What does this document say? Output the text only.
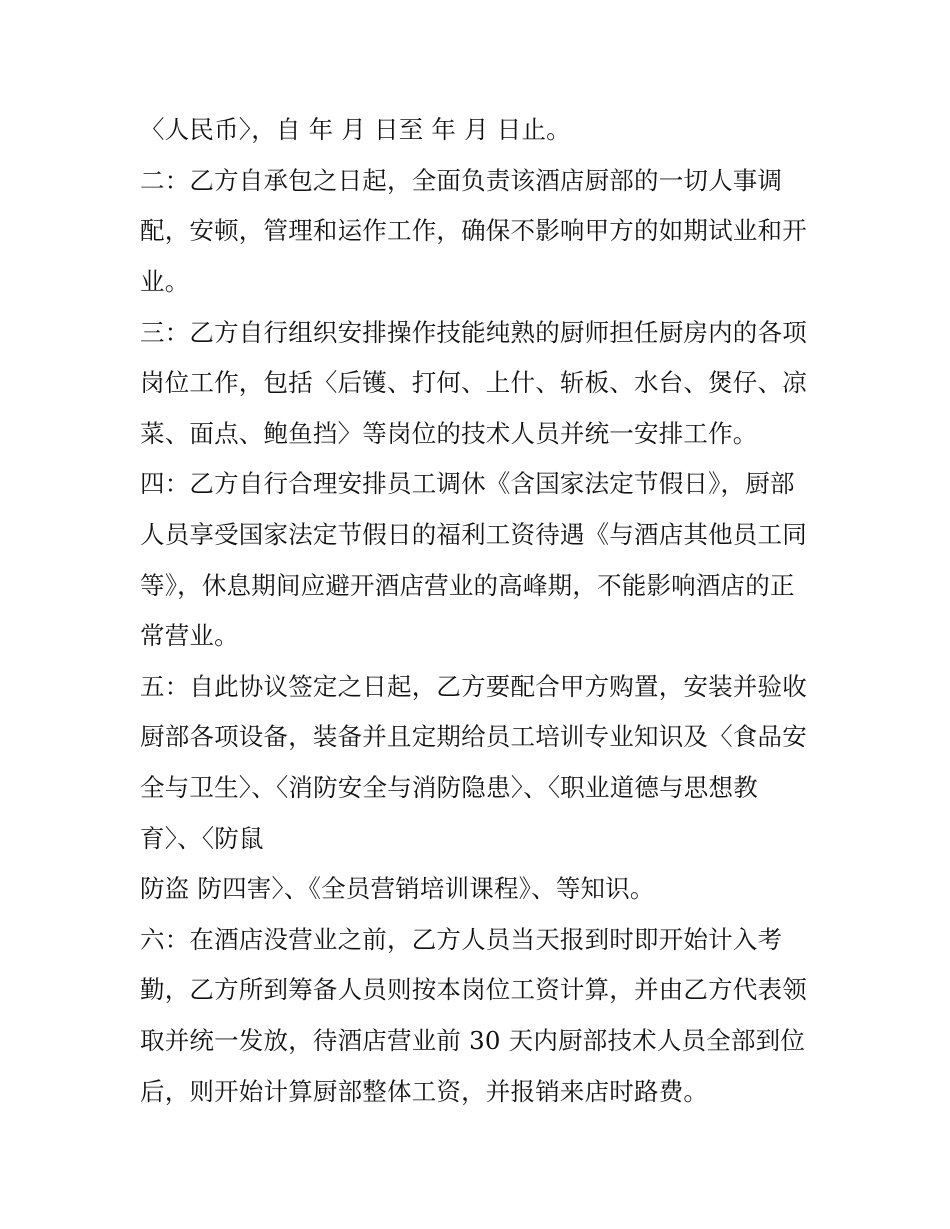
〈人民币〉，自 年 月 日至 年 月 日止。
二：乙方自承包之日起，全面负责该酒店厨部的一切人事调
配，安顿，管理和运作工作，确保不影响甲方的如期试业和开
业。
三：乙方自行组织安排操作技能纯熟的厨师担任厨房内的各项
岗位工作，包括〈后镬、打何、上什、斩板、水台、煲仔、凉
菜、面点、鲍鱼挡〉等岗位的技术人员并统一安排工作。
四：乙方自行合理安排员工调休《含国家法定节假日》，厨部
人员享受国家法定节假日的福利工资待遇《与酒店其他员工同
等》，休息期间应避开酒店营业的高峰期，不能影响酒店的正
常营业。
五：自此协议签定之日起，乙方要配合甲方购置，安装并验收
厨部各项设备，装备并且定期给员工培训专业知识及〈食品安
全与卫生〉、〈消防安全与消防隐患〉、〈职业道德与思想教
育〉、〈防鼠
防盗 防四害〉、《全员营销培训课程》、等知识。
六：在酒店没营业之前，乙方人员当天报到时即开始计入考
勤，乙方所到筹备人员则按本岗位工资计算，并由乙方代表领
取并统一发放，待酒店营业前 30 天内厨部技术人员全部到位
后，则开始计算厨部整体工资，并报销来店时路费。
